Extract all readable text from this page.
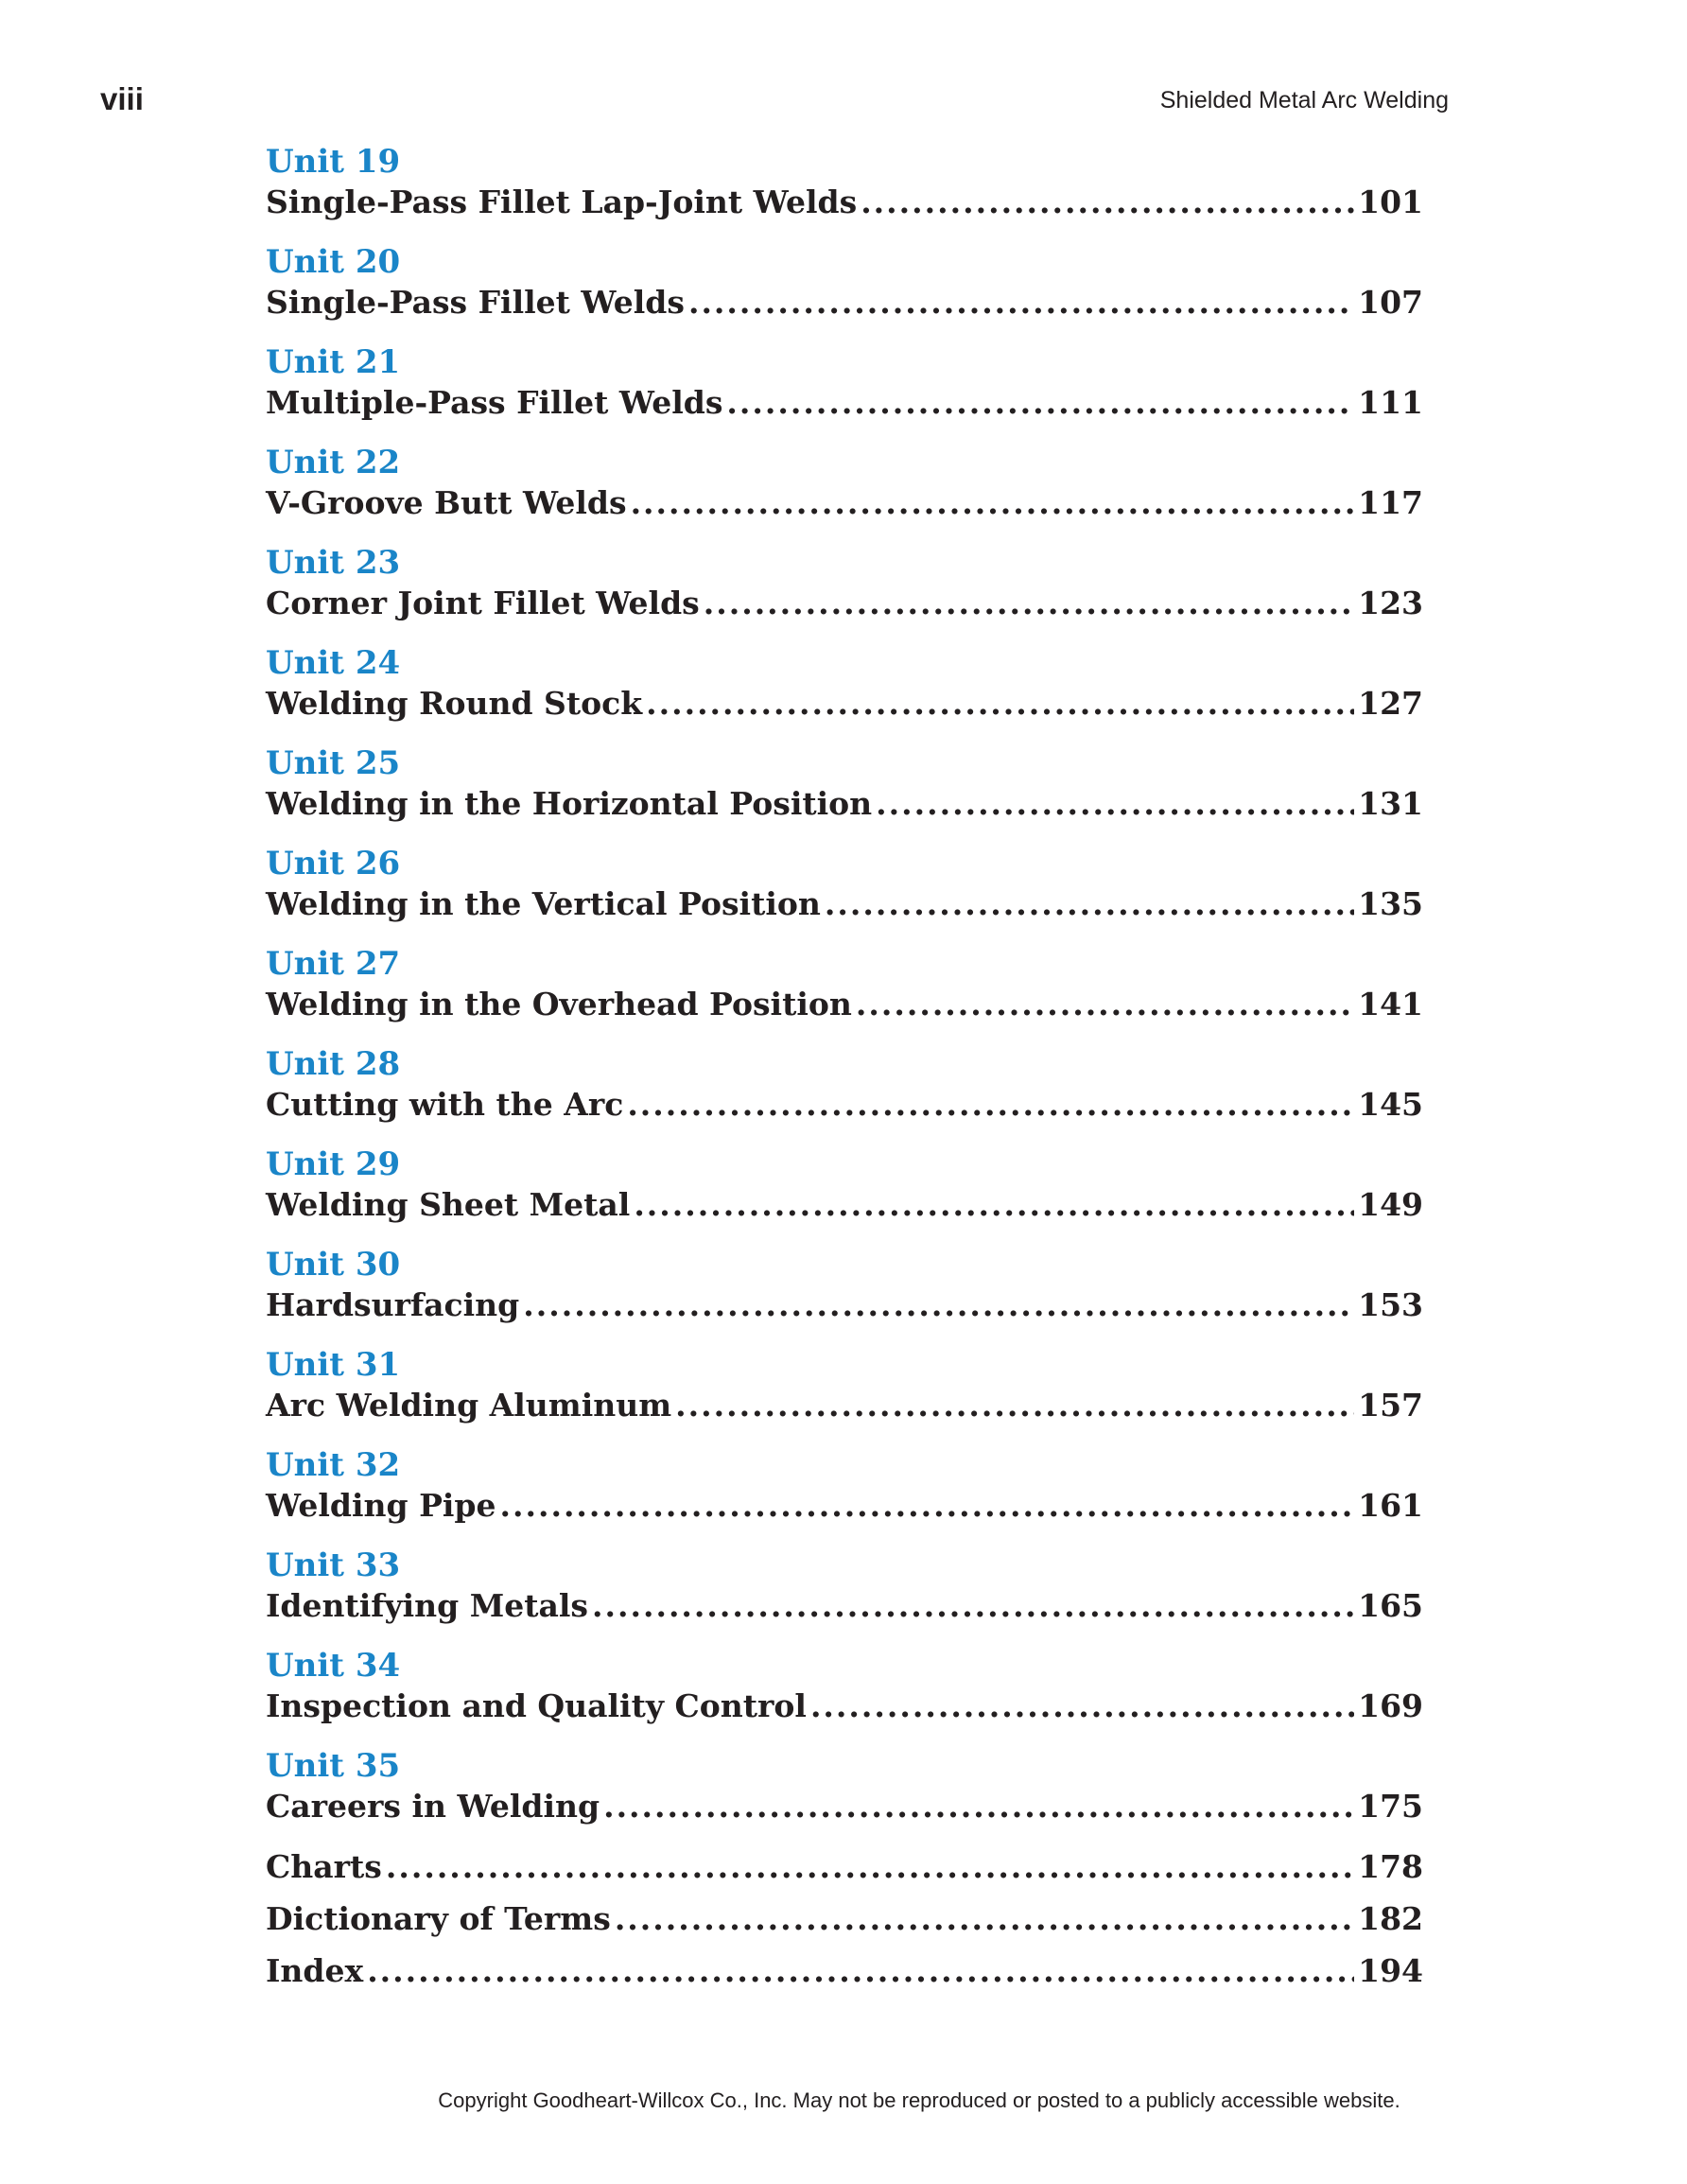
viii	Shielded Metal Arc Welding
Unit 19
Single-Pass Fillet Lap-Joint Welds .....	101
Unit 20
Single-Pass Fillet Welds .....	107
Unit 21
Multiple-Pass Fillet Welds .....	111
Unit 22
V-Groove Butt Welds .....	117
Unit 23
Corner Joint Fillet Welds .....	123
Unit 24
Welding Round Stock .....	127
Unit 25
Welding in the Horizontal Position .....	131
Unit 26
Welding in the Vertical Position .....	135
Unit 27
Welding in the Overhead Position .....	141
Unit 28
Cutting with the Arc .....	145
Unit 29
Welding Sheet Metal .....	149
Unit 30
Hardsurfacing .....	153
Unit 31
Arc Welding Aluminum .....	157
Unit 32
Welding Pipe .....	161
Unit 33
Identifying Metals .....	165
Unit 34
Inspection and Quality Control .....	169
Unit 35
Careers in Welding .....	175
Charts .....	178
Dictionary of Terms .....	182
Index .....	194
Copyright Goodheart-Willcox Co., Inc. May not be reproduced or posted to a publicly accessible website.
